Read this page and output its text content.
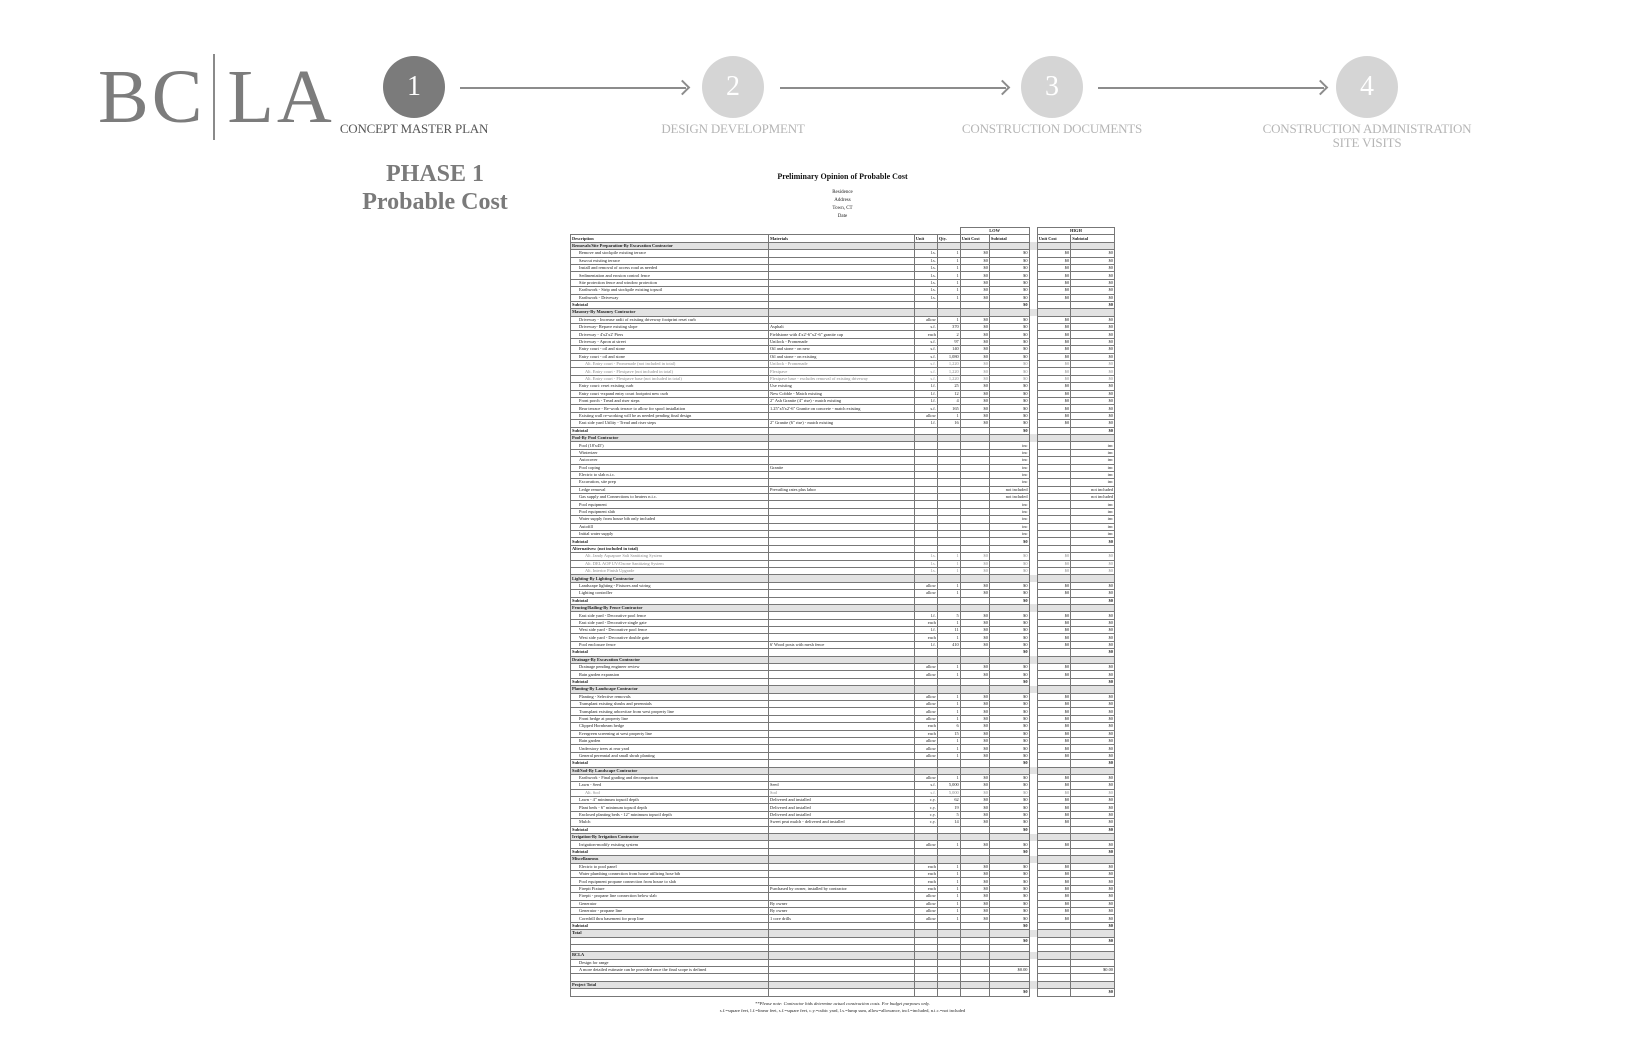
BC LA	1
CONCEPT MASTER PLAN
2
DESIGN DEVELOPMENT
3
CONSTRUCTION DOCUMENTS
4
CONSTRUCTION ADMINISTRATION
SITE VISITS
PHASE 1
Probable Cost
Preliminary Opinion of Probable Cost
Residence
Address
Town, CT
Date
				LOW			HIGH	
Description	Materials	Unit	Qty.	Unit Cost	Subtotal		Unit Cost	Subtotal
Removals/Site Preparation-By Excavation Contractor								
Remove and stockpile existing terrace		l.s.	1	$0	$0		$0	$0
Sawcut existing terrace		l.s.	1	$0	$0		$0	$0
Install and removal of access road as needed		l.s.	1	$0	$0		$0	$0
Sedimentation and erosion control fence		l.s.	1	$0	$0		$0	$0
Site protection fence and window protection		l.s.	1	$0	$0		$0	$0
Earthwork - Strip and stockpile existing topsoil		l.s.	1	$0	$0		$0	$0
Earthwork - Driveway		l.s.	1	$0	$0		$0	$0
Subtotal					$0			$0
Masonry-By Masonry Contractor								
Driveway - Increase radii of existing driveway footprint reset curb		allow	1	$0	$0		$0	$0
Driveway- Repave existing slope	Asphalt	s.f.	370	$0	$0		$0	$0
Driveway - 4'x2'x2' Piers	Fieldstone with 4'x2'-6"x2'-6" granite cap	each	2	$0	$0		$0	$0
Driveway - Apron at street	Unilock - Promenade	s.f.	97	$0	$0		$0	$0
Entry court - oil and stone	Oil and stone - on new	s.f.	140	$0	$0		$0	$0
Entry court - oil and stone	Oil and stone - on existing	s.f.	1,080	$0	$0		$0	$0
Alt. Entry court - Promenade (not included in total)	Unilock - Promenade	s.f.	1,220	$0	$0		$0	$0
Alt. Entry court - Flexipave (not included in total)	Flexipave	s.f.	1,220	$0	$0		$0	$0
Alt. Entry court - Flexipave base (not included in total)	Flexipave base - excludes removal of existing driveway	s.f.	1,220	$0	$0		$0	$0
Entry court: reset existing curb	Use existing	l.f.	25	$0	$0		$0	$0
Entry court -expand entry court footprint new curb	New Cobble - Match existing	l.f.	12	$0	$0		$0	$0
Front porch - Tread and riser steps	2" Ash Granite (4" rise) - match existing	l.f.	4	$0	$0		$0	$0
Rear terrace - Re-work terrace to allow for spool installation	1.25"x5'x2'-6" Granite on concrete - match existing	s.f.	165	$0	$0		$0	$0
Existing wall re-working will be as needed pending final design		allow	1	$0	$0		$0	$0
East side yard Utility - Tread and riser steps	2" Granite (6" rise) - match existing	l.f.	16	$0	$0		$0	$0
Subtotal					$0			$0
Pool-By Pool Contractor								
Pool (18'x45')					inc			inc
Winterizer					inc			inc
Autocover					inc			inc
Pool coping	Granite				inc			inc
Electric to slab n.i.c.					inc			inc
Excavation, site prep					inc			inc
Ledge removal	Prevailing rates plus labor				not included			not included
Gas supply and Connections to heaters n.i.c.					not included			not included
Pool equipment					inc			inc
Pool equipment slab					inc			inc
Water supply from house bib only included					inc			inc
Autofill					inc			inc
Initial water supply					inc			inc
Subtotal					$0			$0
Alternatives: (not included in total)								
Alt. Jandy Aquapure Salt Sanitizing System		l.s.	1	$0	$0		$0	$0
Alt. DEL AOP UV/Ozone Sanitizing System		l.s.	1	$0	$0		$0	$0
Alt. Interior Finish Upgrade		l.s.	1	$0	$0		$0	$0
Lighting-By Lighting Contractor								
Landscape lighting - Fixtures and wiring		allow	1	$0	$0		$0	$0
Lighting controller		allow	1	$0	$0		$0	$0
Subtotal					$0			$0
Fencing/Railing-By Fence Contractor								
East side yard - Decorative pool fence		l.f.	5	$0	$0		$0	$0
East side yard - Decorative single gate		each	1	$0	$0		$0	$0
West side yard - Decorative pool fence		l.f.	11	$0	$0		$0	$0
West side yard - Decorative double gate		each	1	$0	$0		$0	$0
Pool enclosure fence	6' Wood posts with mesh fence	l.f.	410	$0	$0		$0	$0
Subtotal					$0			$0
Drainage-By Excavation Contractor								
Drainage pending engineer review		allow	1	$0	$0		$0	$0
Rain garden expansion		allow	1	$0	$0		$0	$0
Subtotal					$0			$0
Planting-By Landscape Contractor								
Planting - Selective removals		allow	1	$0	$0		$0	$0
Transplant existing shrubs and perennials		allow	1	$0	$0		$0	$0
Transplant existing arborvitae from west property line		allow	1	$0	$0		$0	$0
Front hedge at property line		allow	1	$0	$0		$0	$0
Clipped Hornbeam hedge		each	6	$0	$0		$0	$0
Evergreen screening at west property line		each	15	$0	$0		$0	$0
Rain garden		allow	1	$0	$0		$0	$0
Understory trees at rear yard		allow	1	$0	$0		$0	$0
General perennial and small shrub planting		allow	1	$0	$0		$0	$0
Subtotal					$0			$0
Soil/Sod-By Landscape Contractor								
Earthwork - Final grading and decompaction		allow	1	$0	$0		$0	$0
Lawn - Seed	Seed	s.f.	5,000	$0	$0		$0	$0
Alt. Sod	Sod	s.f.	5,000	$0	$0		$0	$0
Lawn - 4" minimum topsoil depth	Delivered and installed	c.y.	62	$0	$0		$0	$0
Plant beds - 6" minimum topsoil depth	Delivered and installed	c.y.	19	$0	$0		$0	$0
Enclosed planting beds - 12" minimum topsoil depth	Delivered and installed	c.y.	5	$0	$0		$0	$0
Mulch	Sweet peat mulch - delivered and installed	c.y.	14	$0	$0		$0	$0
Subtotal					$0			$0
Irrigation-By Irrigation Contractor								
Irrigation-modify existing system		allow	1	$0	$0		$0	$0
Subtotal					$0			$0
Miscellaneous								
Electric to pool panel		each	1	$0	$0		$0	$0
Water plumbing connection from house utilizing hose bib		each	1	$0	$0		$0	$0
Pool equipment propane connection from house to slab		each	1	$0	$0		$0	$0
Firepit Fixture	Purchased by owner, installed by contractor	each	1	$0	$0		$0	$0
Firepit - propane line connection below slab		allow	1	$0	$0		$0	$0
Generator	By owner	allow	1	$0	$0		$0	$0
Generator - propane line	By owner	allow	1	$0	$0		$0	$0
Coredrill thru basement for prop line	1 core drills	allow	1	$0	$0		$0	$0
Subtotal					$0			$0
Total								
					$0			$0

BCLA								
Design for range								
A more detailed estimate can be provided once the final scope is defined					$0.00			$0.00

Project Total								
					$0			$0
**Please note: Contractor bids determine actual construction costs. For budget purposes only.
s.f.=square feet, l.f.=linear feet, s.f.=square feet, c.y.=cubic yard, l.s.=lump sum, allow=allowance, incl.=included, n.i.c.=not included
